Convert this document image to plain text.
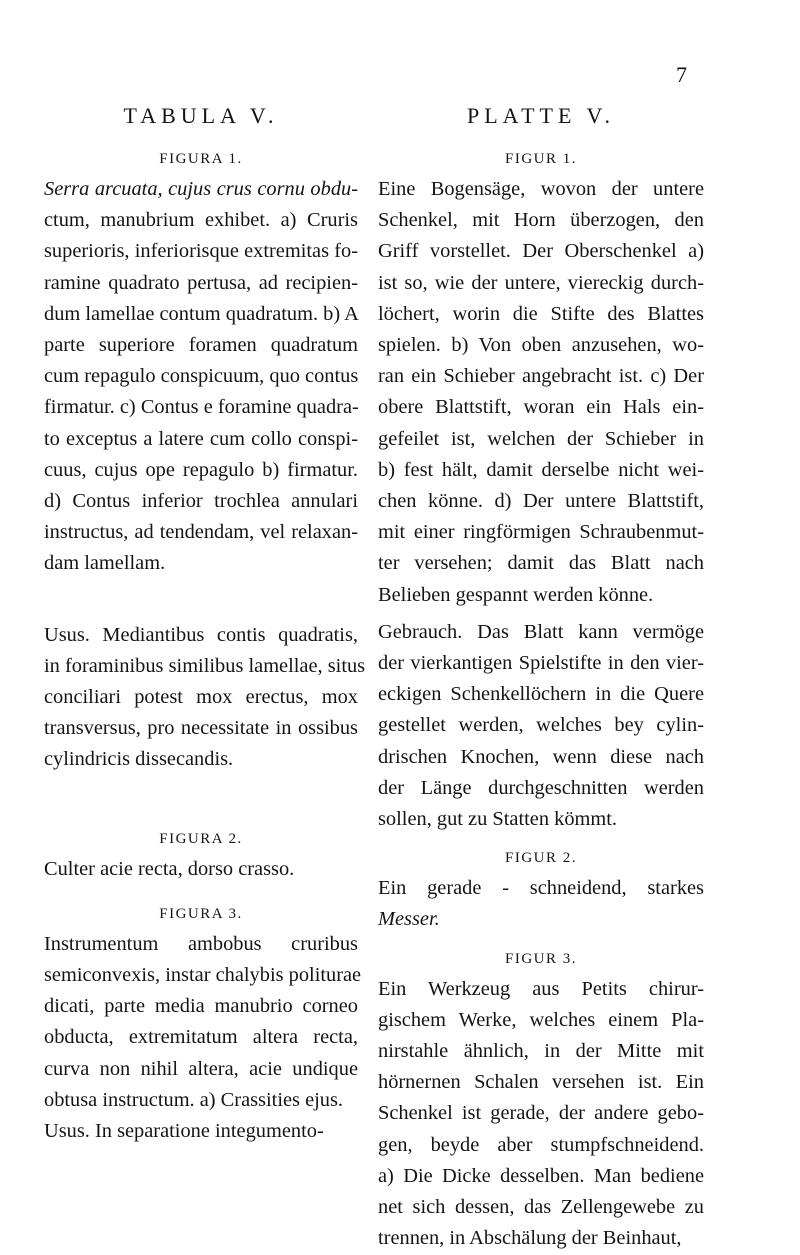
7
TABULA V.
FIGURA 1.
Serra arcuata, cujus crus cornu obdu-
ctum, manubrium exhibet. a) Cruris
superioris, inferiorisque extremitas fo-
ramine quadrato pertusa, ad recipien-
dum lamellae contum quadratum. b) A
parte superiore foramen quadratum
cum repagulo conspicuum, quo contus
firmatur. c) Contus e foramine quadra-
to exceptus a latere cum collo conspi-
cuus, cujus ope repagulo b) firmatur.
d) Contus inferior trochlea annulari
instructus, ad tendendam, vel relaxan-
dam lamellam.
Usus. Mediantibus contis quadratis,
in foraminibus similibus lamellae, situs
conciliari potest mox erectus, mox
transversus, pro necessitate in ossibus
cylindricis dissecandis.
FIGURA 2.
Culter acie recta, dorso crasso.
FIGURA 3.
Instrumentum ambobus cruribus
semiconvexis, instar chalybis politurae
dicati, parte media manubrio corneo
obducta, extremitatum altera recta,
curva non nihil altera, acie undique
obtusa instructum. a) Crassities ejus.
Usus. In separatione integumento-
PLATTE V.
FIGUR 1.
Eine Bogensäge, wovon der untere
Schenkel, mit Horn überzogen, den
Griff vorstellet. Der Oberschenkel a)
ist so, wie der untere, viereckig durch-
löchert, worin die Stifte des Blattes
spielen. b) Von oben anzusehen, wo-
ran ein Schieber angebracht ist. c) Der
obere Blattstift, woran ein Hals ein-
gefeilet ist, welchen der Schieber in
b) fest hält, damit derselbe nicht wei-
chen könne. d) Der untere Blattstift,
mit einer ringförmigen Schraubenmut-
ter versehen; damit das Blatt nach
Belieben gespannt werden könne.
Gebrauch. Das Blatt kann vermöge
der vierkantigen Spielstifte in den vier-
eckigen Schenkellöchern in die Quere
gestellet werden, welches bey cylin-
drischen Knochen, wenn diese nach
der Länge durchgeschnitten werden
sollen, gut zu Statten kömmt.
FIGUR 2.
Ein gerade - schneidend, starkes
Messer.
FIGUR 3.
Ein Werkzeug aus Petits chirur-
gischem Werke, welches einem Pla-
nirstahle ähnlich, in der Mitte mit
hörnernen Schalen versehen ist. Ein
Schenkel ist gerade, der andere gebo-
gen, beyde aber stumpfschneidend.
a) Die Dicke desselben. Man bediene
net sich dessen, das Zellengewebe zu
trennen, in Abschälung der Beinhaut,
